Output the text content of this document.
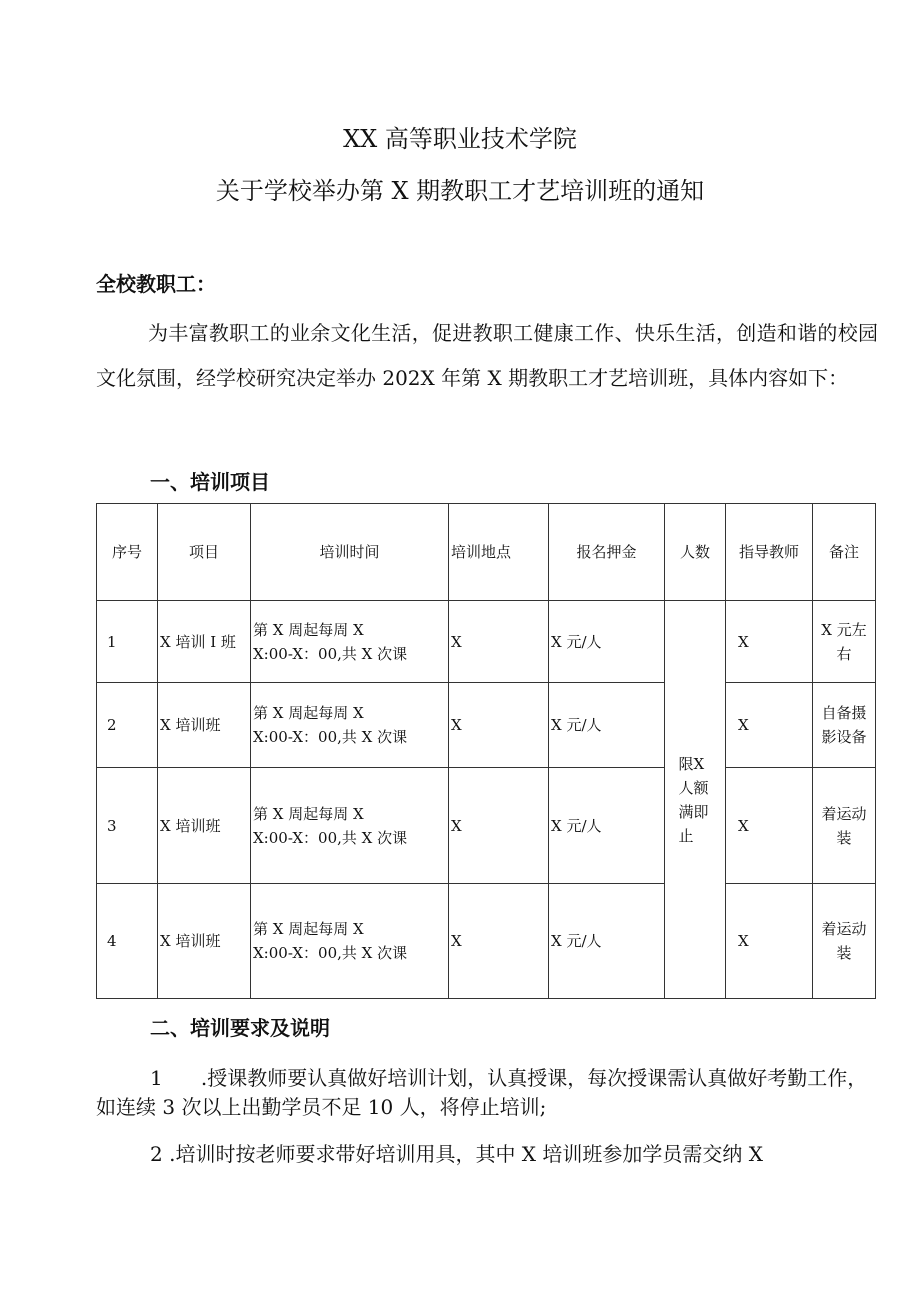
XX 高等职业技术学院
关于学校举办第 X 期教职工才艺培训班的通知
全校教职工：
为丰富教职工的业余文化生活，促进教职工健康工作、快乐生活，创造和谐的校园文化氛围，经学校研究决定举办 202X 年第 X 期教职工才艺培训班，具体内容如下：
一、培训项目
序号	项目	培训时间	培训地点	报名押金	人数	指导教师	备注
1	X 培训 I 班	第 X 周起每周 X
X:00-X：00,共 X 次课	X	X 元/人	限X人额满即止	X	X 元左右
2	X 培训班	第 X 周起每周 X
X:00-X：00,共 X 次课	X	X 元/人		X	自备摄影设备
3	X 培训班	第 X 周起每周 X
X:00-X：00,共 X 次课	X	X 元/人		X	着运动装
4	X 培训班	第 X 周起每周 X
X:00-X：00,共 X 次课	X	X 元/人		X	着运动装
二、培训要求及说明
1      .授课教师要认真做好培训计划，认真授课，每次授课需认真做好考勤工作，如连续 3 次以上出勤学员不足 10 人，将停止培训;
2 .培训时按老师要求带好培训用具，其中 X 培训班参加学员需交纳 X
